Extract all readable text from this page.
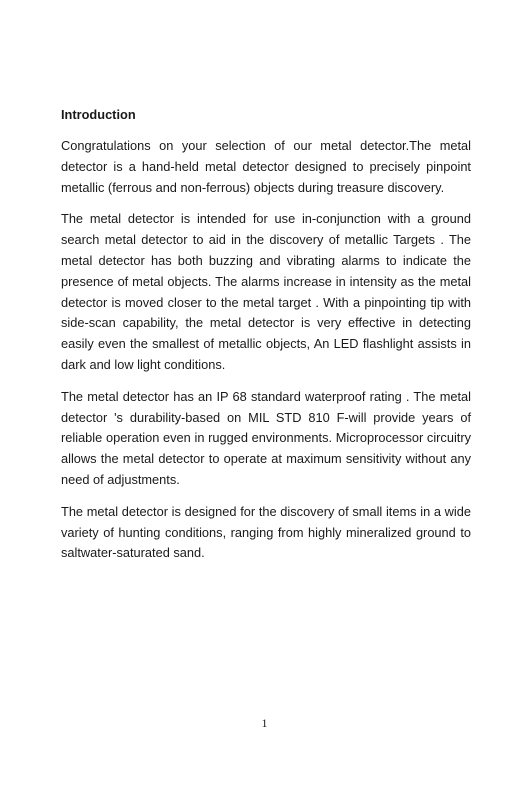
Introduction

Congratulations on your selection of our metal detector.The metal detector is a hand-held metal detector designed to precisely pinpoint metallic (ferrous and non-ferrous) objects during treasure discovery.

The metal detector is intended for use in-conjunction with a ground search metal detector to aid in the discovery of metallic Targets . The metal detector has both buzzing and vibrating alarms to indicate the presence of metal objects. The alarms increase in intensity as the metal detector is moved closer to the metal target . With a pinpointing tip with side-scan capability, the metal detector is very effective in detecting easily even the smallest of metallic objects, An LED flashlight assists in dark and low light conditions.

The metal detector has an IP 68 standard waterproof rating . The metal detector 's durability-based on MIL STD 810 F-will provide years of reliable operation even in rugged environments. Microprocessor circuitry allows the metal detector to operate at maximum sensitivity without any need of adjustments.

The metal detector is designed for the discovery of small items in a wide variety of hunting conditions, ranging from highly mineralized ground to saltwater-saturated sand.

1
